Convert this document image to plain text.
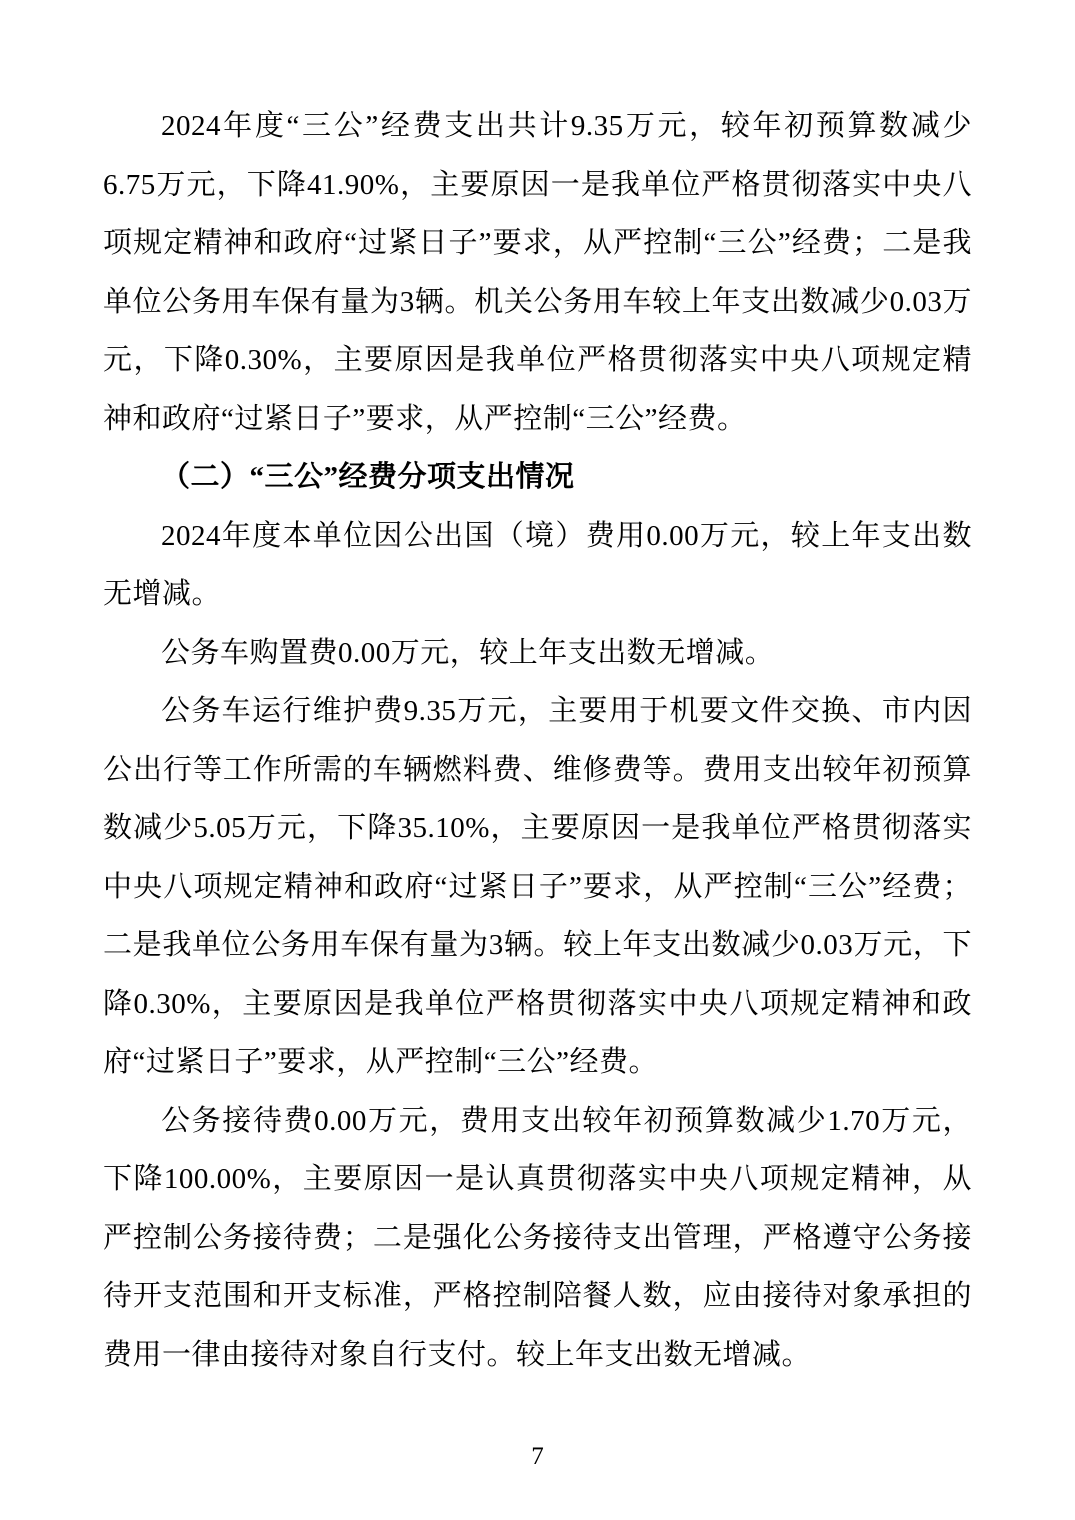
2024年度“三公”经费支出共计9.35万元，较年初预算数减少6.75万元，下降41.90%，主要原因一是我单位严格贯彻落实中央八项规定精神和政府“过紧日子”要求，从严控制“三公”经费；二是我单位公务用车保有量为3辆。机关公务用车较上年支出数减少0.03万元，下降0.30%，主要原因是我单位严格贯彻落实中央八项规定精神和政府“过紧日子”要求，从严控制“三公”经费。

（二）“三公”经费分项支出情况

2024年度本单位因公出国（境）费用0.00万元，较上年支出数无增减。

公务车购置费0.00万元，较上年支出数无增减。

公务车运行维护费9.35万元，主要用于机要文件交换、市内因公出行等工作所需的车辆燃料费、维修费等。费用支出较年初预算数减少5.05万元，下降35.10%，主要原因一是我单位严格贯彻落实中央八项规定精神和政府“过紧日子”要求，从严控制“三公”经费；二是我单位公务用车保有量为3辆。较上年支出数减少0.03万元，下降0.30%，主要原因是我单位严格贯彻落实中央八项规定精神和政府“过紧日子”要求，从严控制“三公”经费。

公务接待费0.00万元，费用支出较年初预算数减少1.70万元，下降100.00%，主要原因一是认真贯彻落实中央八项规定精神，从严控制公务接待费；二是强化公务接待支出管理，严格遵守公务接待开支范围和开支标准，严格控制陪餐人数，应由接待对象承担的费用一律由接待对象自行支付。较上年支出数无增减。

7
